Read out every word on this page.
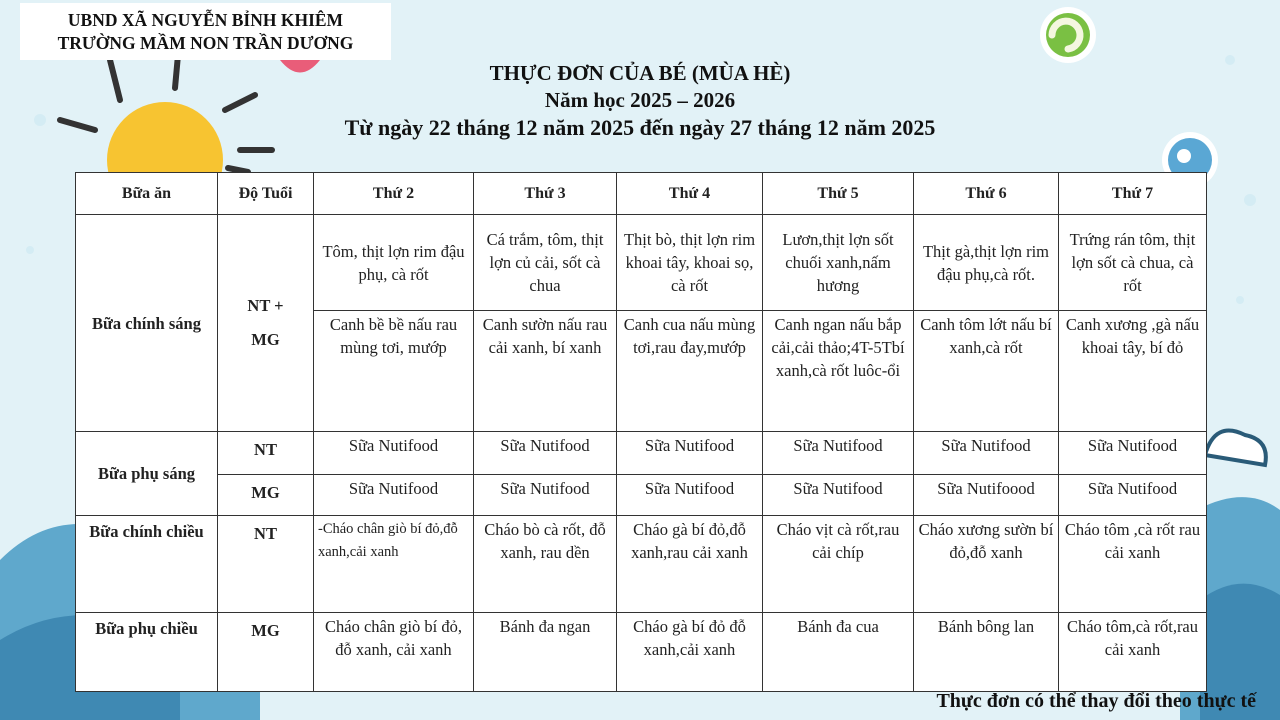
UBND XÃ NGUYỄN BỈNH KHIÊM
TRƯỜNG MẦM NON TRẦN DƯƠNG
THỰC ĐƠN CỦA BÉ (MÙA HÈ)
Năm học 2025 – 2026
Từ ngày 22 tháng 12 năm 2025 đến ngày 27 tháng 12 năm 2025
Bữa ăn	Độ Tuổi	Thứ 2	Thứ 3	Thứ 4	Thứ 5	Thứ 6	Thứ 7
Bữa chính sáng	NT + MG	Tôm, thịt lợn rim đậu phụ, cà rốt	Cá trắm, tôm, thịt lợn củ cải, sốt cà chua	Thịt bò, thịt lợn rim khoai tây, khoai sọ, cà rốt	Lươn,thịt lợn sốt chuối xanh,nấm hương	Thịt gà,thịt lợn rim đậu phụ,cà rốt.	Trứng rán tôm, thịt lợn sốt cà chua, cà rốt
		Canh bề bề nấu rau mùng tơi, mướp	Canh sườn nấu rau cải xanh, bí xanh	Canh cua nấu mùng tơi,rau đay,mướp	Canh ngan nấu bắp cải,cải thảo;4T-5Tbí xanh,cà rốt luôc-ổi	Canh tôm lớt nấu bí xanh,cà rốt	Canh xương ,gà nấu khoai tây, bí đỏ
Bữa phụ sáng	NT	Sữa Nutifood	Sữa Nutifood	Sữa Nutifood	Sữa Nutifood	Sữa Nutifood	Sữa Nutifood
	MG	Sữa Nutifood	Sữa Nutifood	Sữa Nutifood	Sữa Nutifood	Sữa Nutifoood	Sữa Nutifood
Bữa chính chiều	NT	-Cháo chân giò bí đỏ,đỗ xanh,cải xanh	Cháo bò cà rốt, đỗ xanh, rau dền	Cháo gà bí đỏ,đỗ xanh,rau cải xanh	Cháo vịt cà rốt,rau cải chíp	Cháo xương sườn bí đỏ,đỗ xanh	Cháo tôm ,cà rốt rau cải xanh
Bữa phụ chiều	MG	Cháo chân giò bí đỏ, đỗ xanh, cải xanh	Bánh đa ngan	Cháo gà bí đỏ đỗ xanh,cải xanh	Bánh đa cua	Bánh bông lan	Cháo tôm,cà rốt,rau cải xanh
Thực đơn có thể thay đổi theo thực tế
